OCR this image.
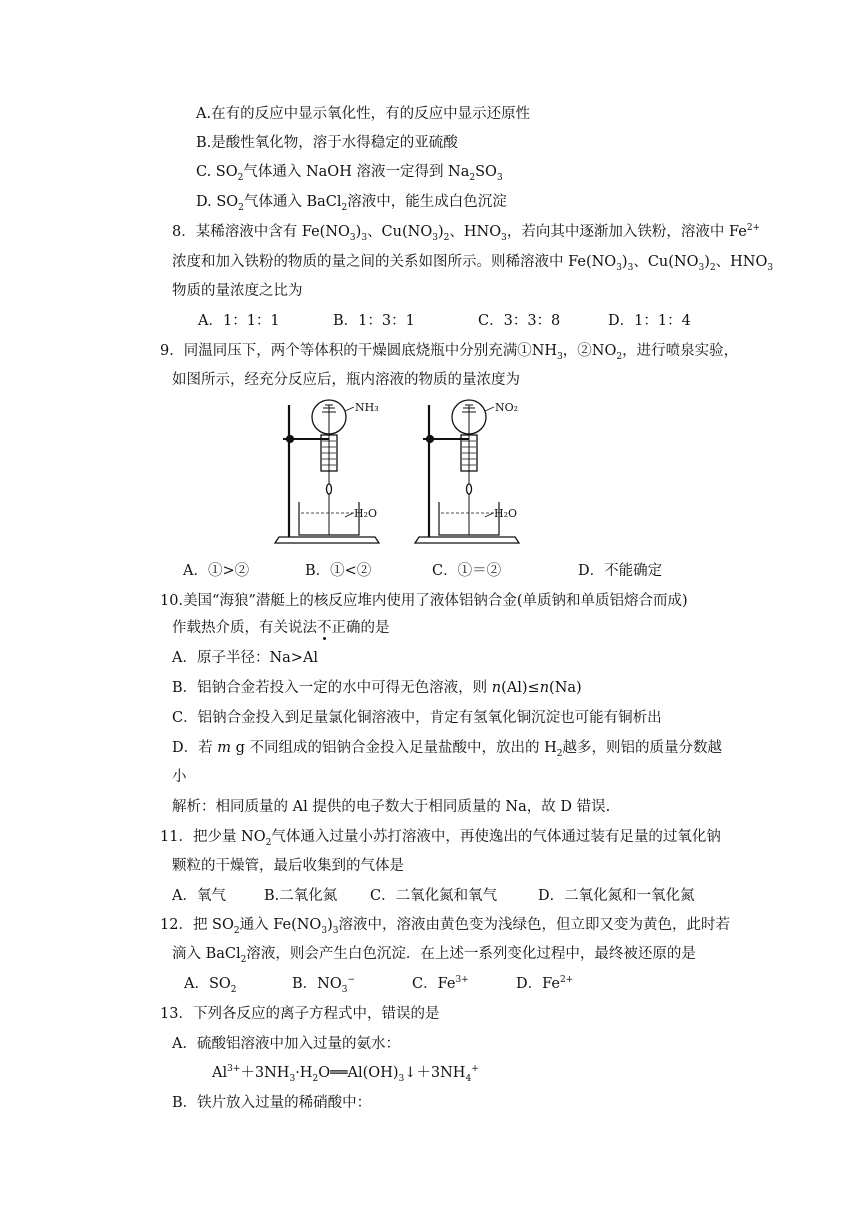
A.在有的反应中显示氧化性，有的反应中显示还原性
B.是酸性氧化物，溶于水得稳定的亚硫酸
C. $SO_2$气体通入 NaOH 溶液一定得到 $Na_2SO_3$
D. $SO_2$气体通入 BaCl$_2$溶液中，能生成白色沉淀
8．某稀溶液中含有 $Fe(NO_3)_3$、$Cu(NO_3)_2$、$HNO_3$，若向其中逐渐加入铁粉，溶液中 $Fe^{2+}$
浓度和加入铁粉的物质的量之间的关系如图所示。则稀溶液中 $Fe(NO_3)_3$、$Cu(NO_3)_2$、$HNO_3$
物质的量浓度之比为
A．1：1：1	B．1：3：1	C．3：3：8	D．1：1：4
9．同温同压下，两个等体积的干燥圆底烧瓶中分别充满$①NH_3$，$②NO_2$，进行喷泉实验，
如图所示，经充分反应后，瓶内溶液的物质的量浓度为
NH₃	NO₂
H₂O	H₂O
A．①>②	B．①<②	C．①＝②	D．不能确定
10.美国“海狼”潜艇上的核反应堆内使用了液体铝钠合金(单质钠和单质铝熔合而成)
作载热介质，有关说法不正确的是
A．原子半径：Na>Al
B．铝钠合金若投入一定的水中可得无色溶液，则 n(Al)≤n(Na)
C．铝钠合金投入到足量氯化铜溶液中，肯定有氢氧化铜沉淀也可能有铜析出
D．若 m g 不同组成的铝钠合金投入足量盐酸中，放出的 $H_2$越多，则铝的质量分数越
小
解析：相同质量的 Al 提供的电子数大于相同质量的 Na，故 D 错误.
11．把少量 $NO_2$气体通入过量小苏打溶液中，再使逸出的气体通过装有足量的过氧化钠
颗粒的干燥管，最后收集到的气体是
A．氧气	B.二氧化氮 C．二氧化氮和氧气	D．二氧化氮和一氧化氮
12．把 $SO_2$通入 $Fe(NO_3)_3$溶液中，溶液由黄色变为浅绿色，但立即又变为黄色，此时若
滴入 BaCl$_2$溶液，则会产生白色沉淀．在上述一系列变化过程中，最终被还原的是
A．$SO_2$	B．$NO_3^-$	C．$Fe^{3+}$	D．$Fe^{2+}$
13．下列各反应的离子方程式中，错误的是
A．硫酸铝溶液中加入过量的氨水：
$Al^{3+}+3NH_3\cdot H_2O══Al(OH)_3↓+3NH_4^+$
B．铁片放入过量的稀硝酸中：
